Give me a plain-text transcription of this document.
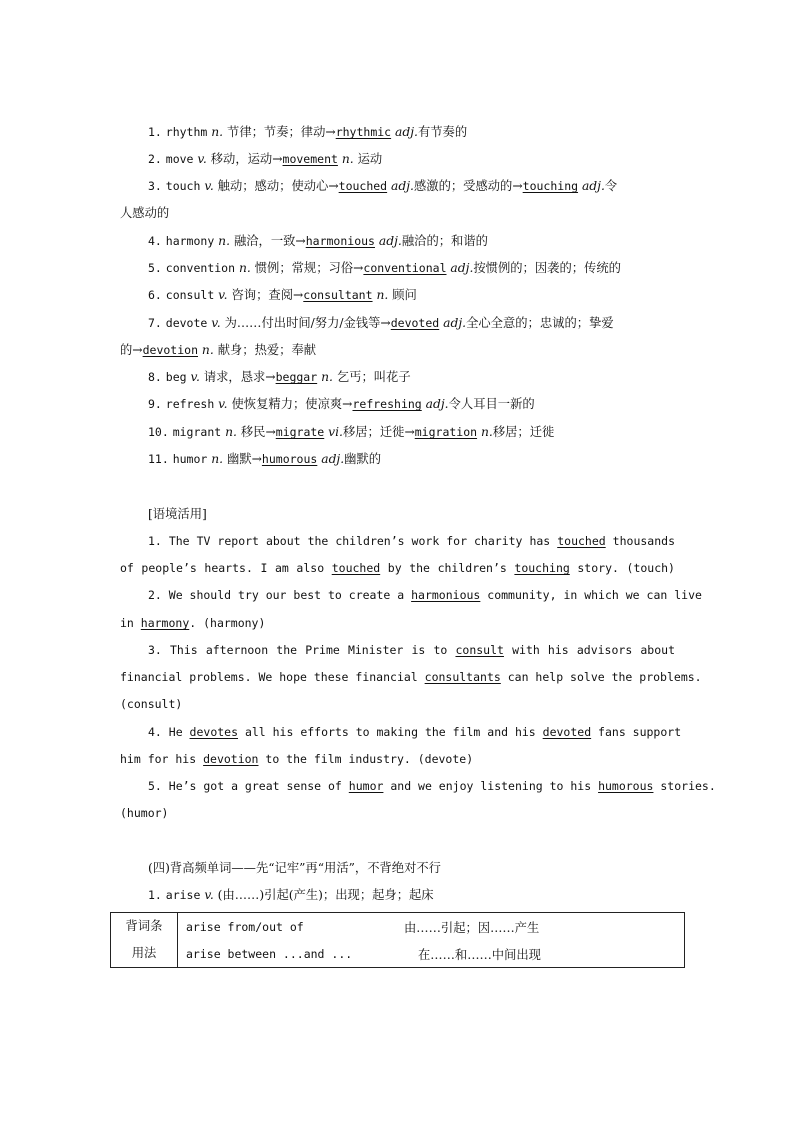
1. rhythm n. 节律；节奏；律动→rhythmic adj.有节奏的
2. move v. 移动，运动→movement n. 运动
3. touch v. 触动；感动；使动心→touched adj.感激的；受感动的→touching adj.令
人感动的
4. harmony n. 融洽，一致→harmonious adj.融洽的；和谐的
5. convention n. 惯例；常规；习俗→conventional adj.按惯例的；因袭的；传统的
6. consult v. 咨询；查阅→consultant n. 顾问
7. devote v. 为……付出时间/努力/金钱等→devoted adj.全心全意的；忠诚的；挚爱
的→devotion n. 献身；热爱；奉献
8. beg v. 请求，恳求→beggar n. 乞丐；叫花子
9. refresh v. 使恢复精力；使凉爽→refreshing adj.令人耳目一新的
10. migrant n. 移民→migrate vi.移居；迁徙→migration n.移居；迁徙
11. humor n. 幽默→humorous adj.幽默的
[语境活用]
1. The TV report about the children’s work for charity has touched thousands
of people’s hearts. I am also touched by the children’s touching story. (touch)
2. We should try our best to create a harmonious community, in which we can live
in harmony. (harmony)
3. This afternoon the Prime Minister is to consult with his advisors about
financial problems. We hope these financial consultants can help solve the problems.
(consult)
4. He devotes all his efforts to making the film and his devoted fans support
him for his devotion to the film industry. (devote)
5. He’s got a great sense of humor and we enjoy listening to his humorous stories.
(humor)
(四)背高频单词——先“记牢”再“用活”，不背绝对不行
1. arise v. (由……)引起(产生)；出现；起身；起床
背词条
用法

arise from/out of	由……引起；因……产生
arise between ...and ...	在……和……中间出现
